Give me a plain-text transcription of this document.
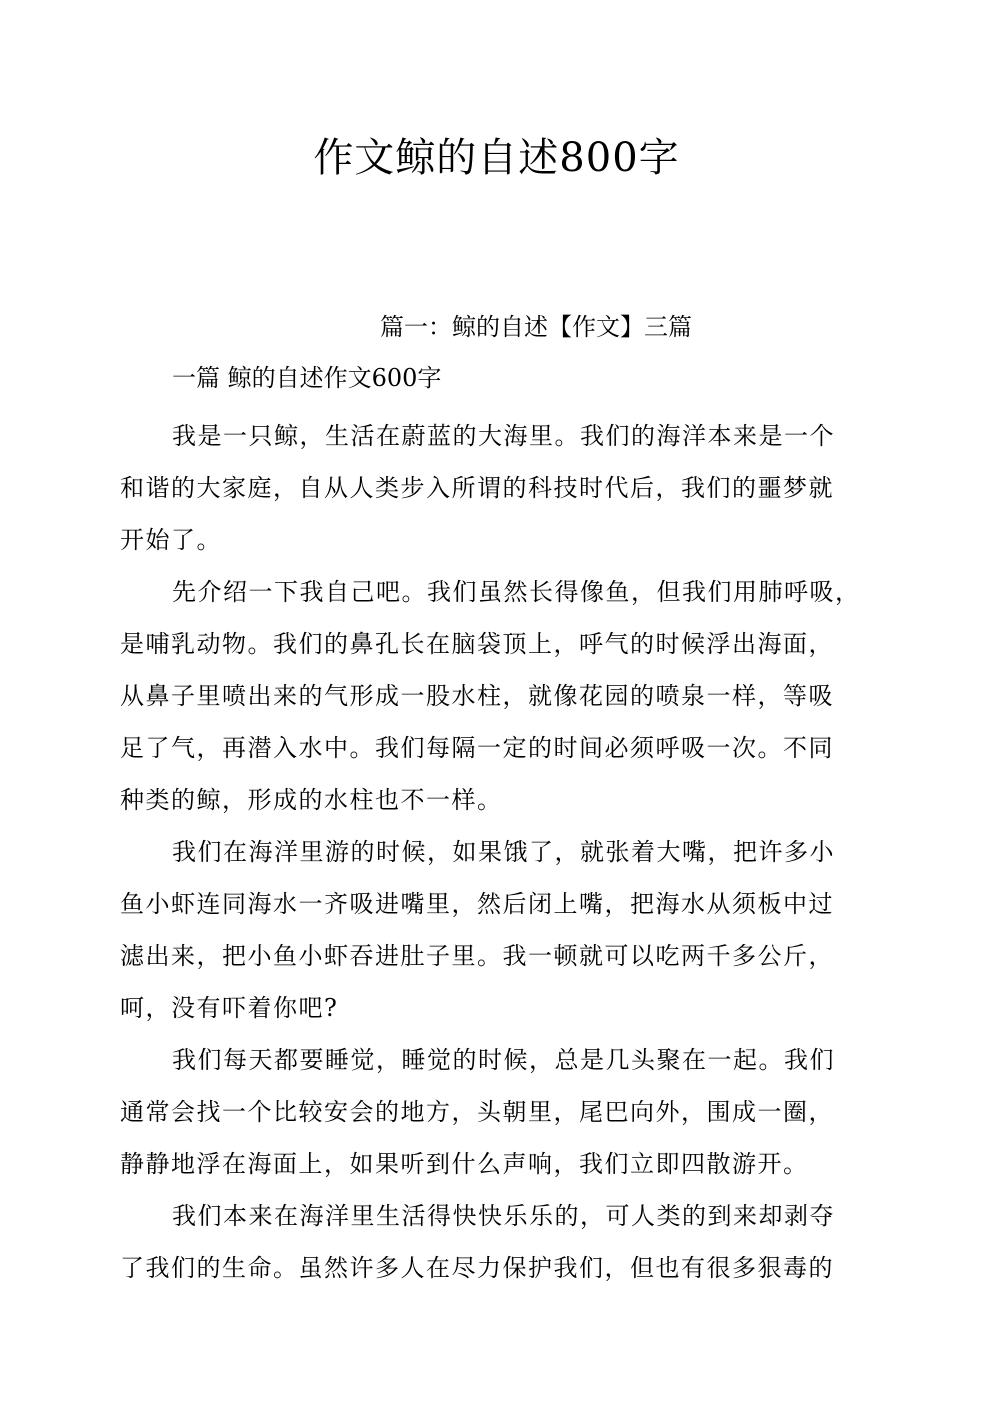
作文鲸的自述800字
篇一：鲸的自述【作文】三篇
一篇 鲸的自述作文600字

我是一只鲸，生活在蔚蓝的大海里。我们的海洋本来是一个
和谐的大家庭，自从人类步入所谓的科技时代后，我们的噩梦就
开始了。

先介绍一下我自己吧。我们虽然长得像鱼，但我们用肺呼吸，
是哺乳动物。我们的鼻孔长在脑袋顶上，呼气的时候浮出海面，
从鼻子里喷出来的气形成一股水柱，就像花园的喷泉一样，等吸
足了气，再潜入水中。我们每隔一定的时间必须呼吸一次。不同
种类的鲸，形成的水柱也不一样。

我们在海洋里游的时候，如果饿了，就张着大嘴，把许多小
鱼小虾连同海水一齐吸进嘴里，然后闭上嘴，把海水从须板中过
滤出来，把小鱼小虾吞进肚子里。我一顿就可以吃两千多公斤，
呵，没有吓着你吧?

我们每天都要睡觉，睡觉的时候，总是几头聚在一起。我们
通常会找一个比较安会的地方，头朝里，尾巴向外，围成一圈，
静静地浮在海面上，如果听到什么声响，我们立即四散游开。

我们本来在海洋里生活得快快乐乐的，可人类的到来却剥夺
了我们的生命。虽然许多人在尽力保护我们，但也有很多狠毒的
